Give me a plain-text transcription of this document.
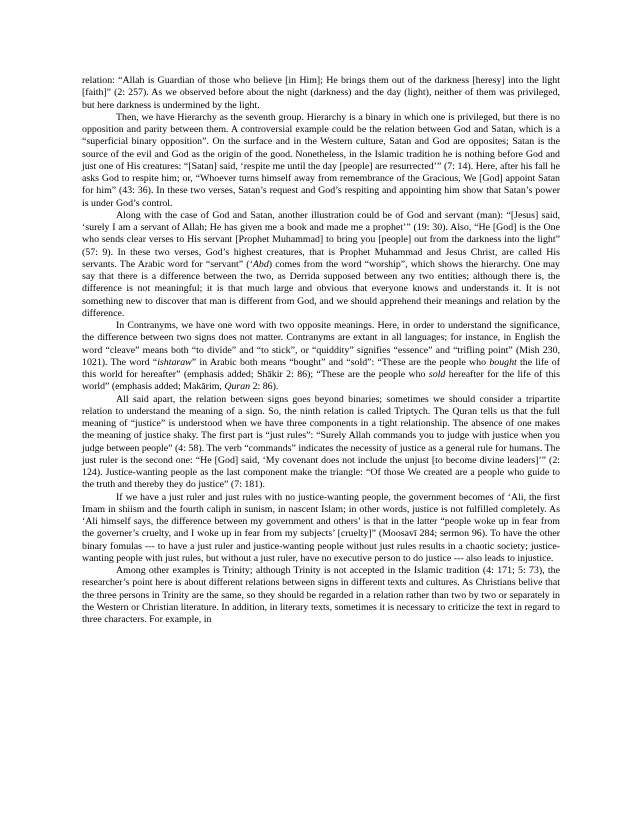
relation: “Allah is Guardian of those who believe [in Him]; He brings them out of the darkness [heresy] into the light [faith]” (2: 257). As we observed before about the night (darkness) and the day (light), neither of them was privileged, but here darkness is undermined by the light.

Then, we have Hierarchy as the seventh group. Hierarchy is a binary in which one is privileged, but there is no opposition and parity between them. A controversial example could be the relation between God and Satan, which is a “superficial binary opposition”. On the surface and in the Western culture, Satan and God are opposites; Satan is the source of the evil and God as the origin of the good. Nonetheless, in the Islamic tradition he is nothing before God and just one of His creatures: “[Satan] said, ‘respite me until the day [people] are resurrected’” (7: 14). Here, after his fall he asks God to respite him; or, “Whoever turns himself away from remembrance of the Gracious, We [God] appoint Satan for him” (43: 36). In these two verses, Satan’s request and God’s respiting and appointing him show that Satan’s power is under God’s control.

Along with the case of God and Satan, another illustration could be of God and servant (man): “[Jesus] said, ‘surely I am a servant of Allah; He has given me a book and made me a prophet’” (19: 30). Also, “He [God] is the One who sends clear verses to His servant [Prophet Muhammad] to bring you [people] out from the darkness into the light” (57: 9). In these two verses, God’s highest creatures, that is Prophet Muhammad and Jesus Christ, are called His servants. The Arabic word for “servant” (‘Abd) comes from the word “worship”, which shows the hierarchy. One may say that there is a difference between the two, as Derrida supposed between any two entities; although there is, the difference is not meaningful; it is that much large and obvious that everyone knows and understands it. It is not something new to discover that man is different from God, and we should apprehend their meanings and relation by the difference.

In Contranyms, we have one word with two opposite meanings. Here, in order to understand the significance, the difference between two signs does not matter. Contranyms are extant in all languages; for instance, in English the word “cleave” means both “to divide” and “to stick”, or “quiddity” signifies “essence” and “trifling point” (Mish 230, 1021). The word “ishtaraw” in Arabic both means “bought” and “sold”: “These are the people who bought the life of this world for hereafter” (emphasis added; Shākir 2: 86); “These are the people who sold hereafter for the life of this world” (emphasis added; Makārim, Quran 2: 86).

All said apart, the relation between signs goes beyond binaries; sometimes we should consider a tripartite relation to understand the meaning of a sign. So, the ninth relation is called Triptych. The Quran tells us that the full meaning of “justice” is understood when we have three components in a tight relationship. The absence of one makes the meaning of justice shaky. The first part is “just rules”: “Surely Allah commands you to judge with justice when you judge between people” (4: 58). The verb “commands” indicates the necessity of justice as a general rule for humans. The just ruler is the second one: “He [God] said, ‘My covenant does not include the unjust [to become divine leaders]’” (2: 124). Justice-wanting people as the last component make the triangle: “Of those We created are a people who guide to the truth and thereby they do justice” (7: 181).

If we have a just ruler and just rules with no justice-wanting people, the government becomes of ‘Ali, the first Imam in shiism and the fourth caliph in sunism, in nascent Islam; in other words, justice is not fulfilled completely. As ‘Ali himself says, the difference between my government and others’ is that in the latter “people woke up in fear from the governer’s cruelty, and I woke up in fear from my subjects’ [cruelty]” (Moosavī 284; sermon 96). To have the other binary fomulas --- to have a just ruler and justice-wanting people without just rules results in a chaotic society; justice-wanting people with just rules, but without a just ruler, have no executive person to do justice --- also leads to injustice.

Among other examples is Trinity; although Trinity is not accepted in the Islamic tradition (4: 171; 5: 73), the researcher’s point here is about different relations between signs in different texts and cultures. As Christians belive that the three persons in Trinity are the same, so they should be regarded in a relation rather than two by two or separately in the Western or Christian literature. In addition, in literary texts, sometimes it is necessary to criticize the text in regard to three characters. For example, in
